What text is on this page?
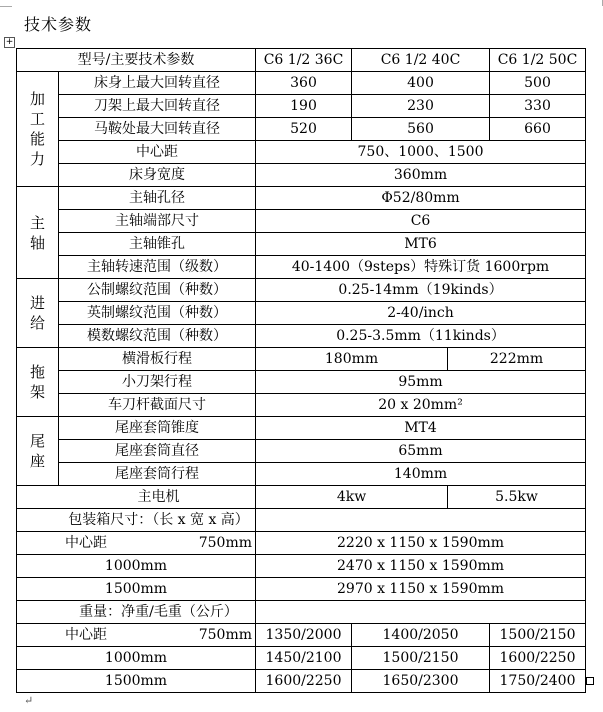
技术参数
+
型号/主要技术参数		C6 1/2 36C	C6 1/2 40C		C6 1/2 50C

加
工
能
力	床身上最大回转直径	360	400		500
	刀架上最大回转直径	190	230		330
	马鞍处最大回转直径	520	560		660
	中心距	750、1000、1500			
	床身宽度	360mm			

主
轴	主轴孔径	Φ52/80mm			
	主轴端部尺寸	C6			
	主轴锥孔	MT6			
	主轴转速范围（级数）	40-1400（9steps）特殊订货 1600rpm			

进
给	公制螺纹范围（种数）	0.25-14mm（19kinds）			
	英制螺纹范围（种数）	2-40/inch			
	模数螺纹范围（种数）	0.25-3.5mm（11kinds）			

拖
架	横滑板行程	180mm		222mm	
	小刀架行程	95mm			
	车刀杆截面尺寸	20 x 20mm²			

尾
座	尾座套筒锥度	MT4			
	尾座套筒直径	65mm			
	尾座套筒行程	140mm			
主电机		4kw		5.5kw	
包装箱尺寸：（长 x 宽 x 高）					

中心距 750mm		2220 x 1150 x 1590mm			
1000mm		2470 x 1150 x 1590mm			
1500mm		2970 x 1150 x 1590mm			
重量：净重/毛重（公斤）					

中心距 750mm		1350/2000	1400/2050		1500/2150
1000mm		1450/2100	1500/2150		1600/2250
1500mm		1600/2250	1650/2300		1750/2400
↵
